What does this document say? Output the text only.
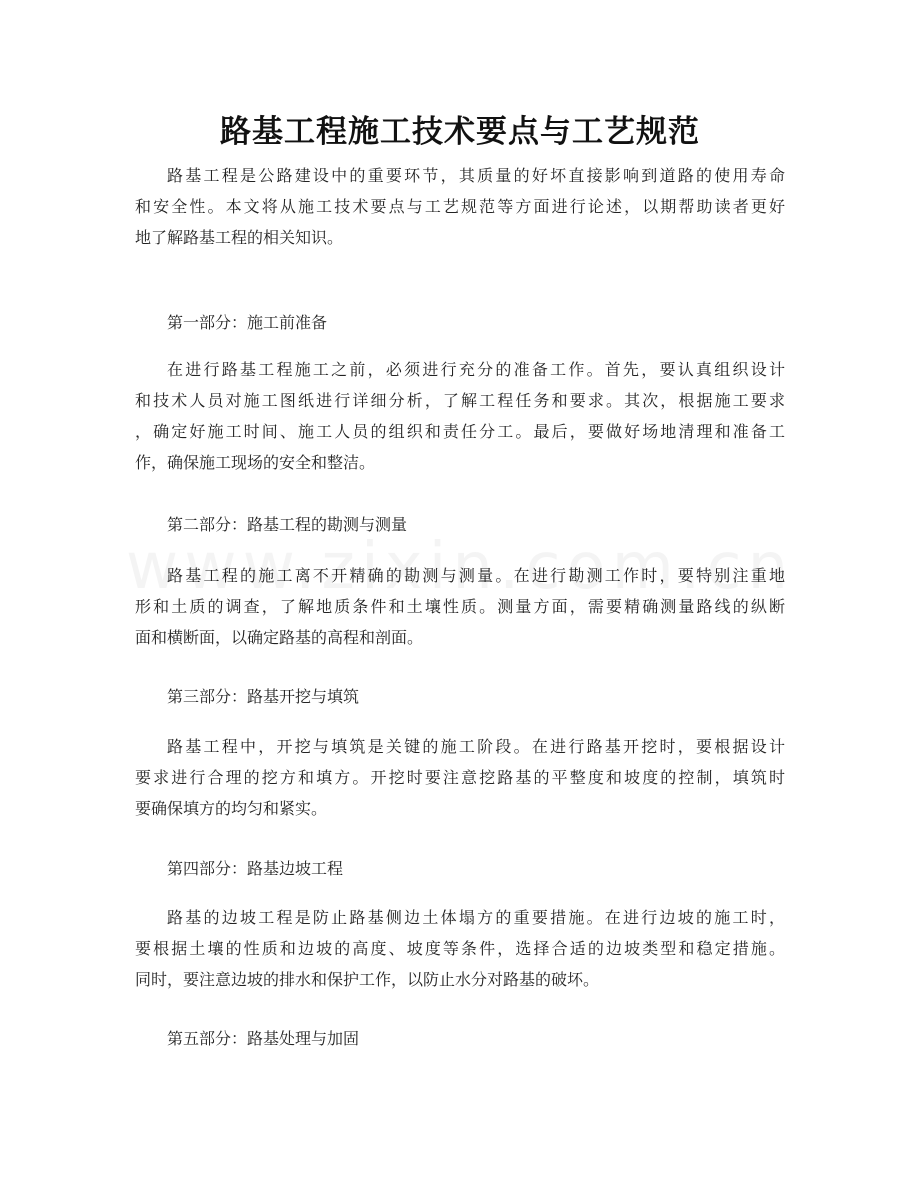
路基工程施工技术要点与工艺规范

路基工程是公路建设中的重要环节，其质量的好坏直接影响到道路的使用寿命
和安全性。本文将从施工技术要点与工艺规范等方面进行论述，以期帮助读者更好
地了解路基工程的相关知识。

第一部分：施工前准备

在进行路基工程施工之前，必须进行充分的准备工作。首先，要认真组织设计
和技术人员对施工图纸进行详细分析，了解工程任务和要求。其次，根据施工要求
，确定好施工时间、施工人员的组织和责任分工。最后，要做好场地清理和准备工
作，确保施工现场的安全和整洁。

第二部分：路基工程的勘测与测量

路基工程的施工离不开精确的勘测与测量。在进行勘测工作时，要特别注重地
形和土质的调查，了解地质条件和土壤性质。测量方面，需要精确测量路线的纵断
面和横断面，以确定路基的高程和剖面。

第三部分：路基开挖与填筑

路基工程中，开挖与填筑是关键的施工阶段。在进行路基开挖时，要根据设计
要求进行合理的挖方和填方。开挖时要注意挖路基的平整度和坡度的控制，填筑时
要确保填方的均匀和紧实。

第四部分：路基边坡工程

路基的边坡工程是防止路基侧边土体塌方的重要措施。在进行边坡的施工时，
要根据土壤的性质和边坡的高度、坡度等条件，选择合适的边坡类型和稳定措施。
同时，要注意边坡的排水和保护工作，以防止水分对路基的破坏。

第五部分：路基处理与加固
